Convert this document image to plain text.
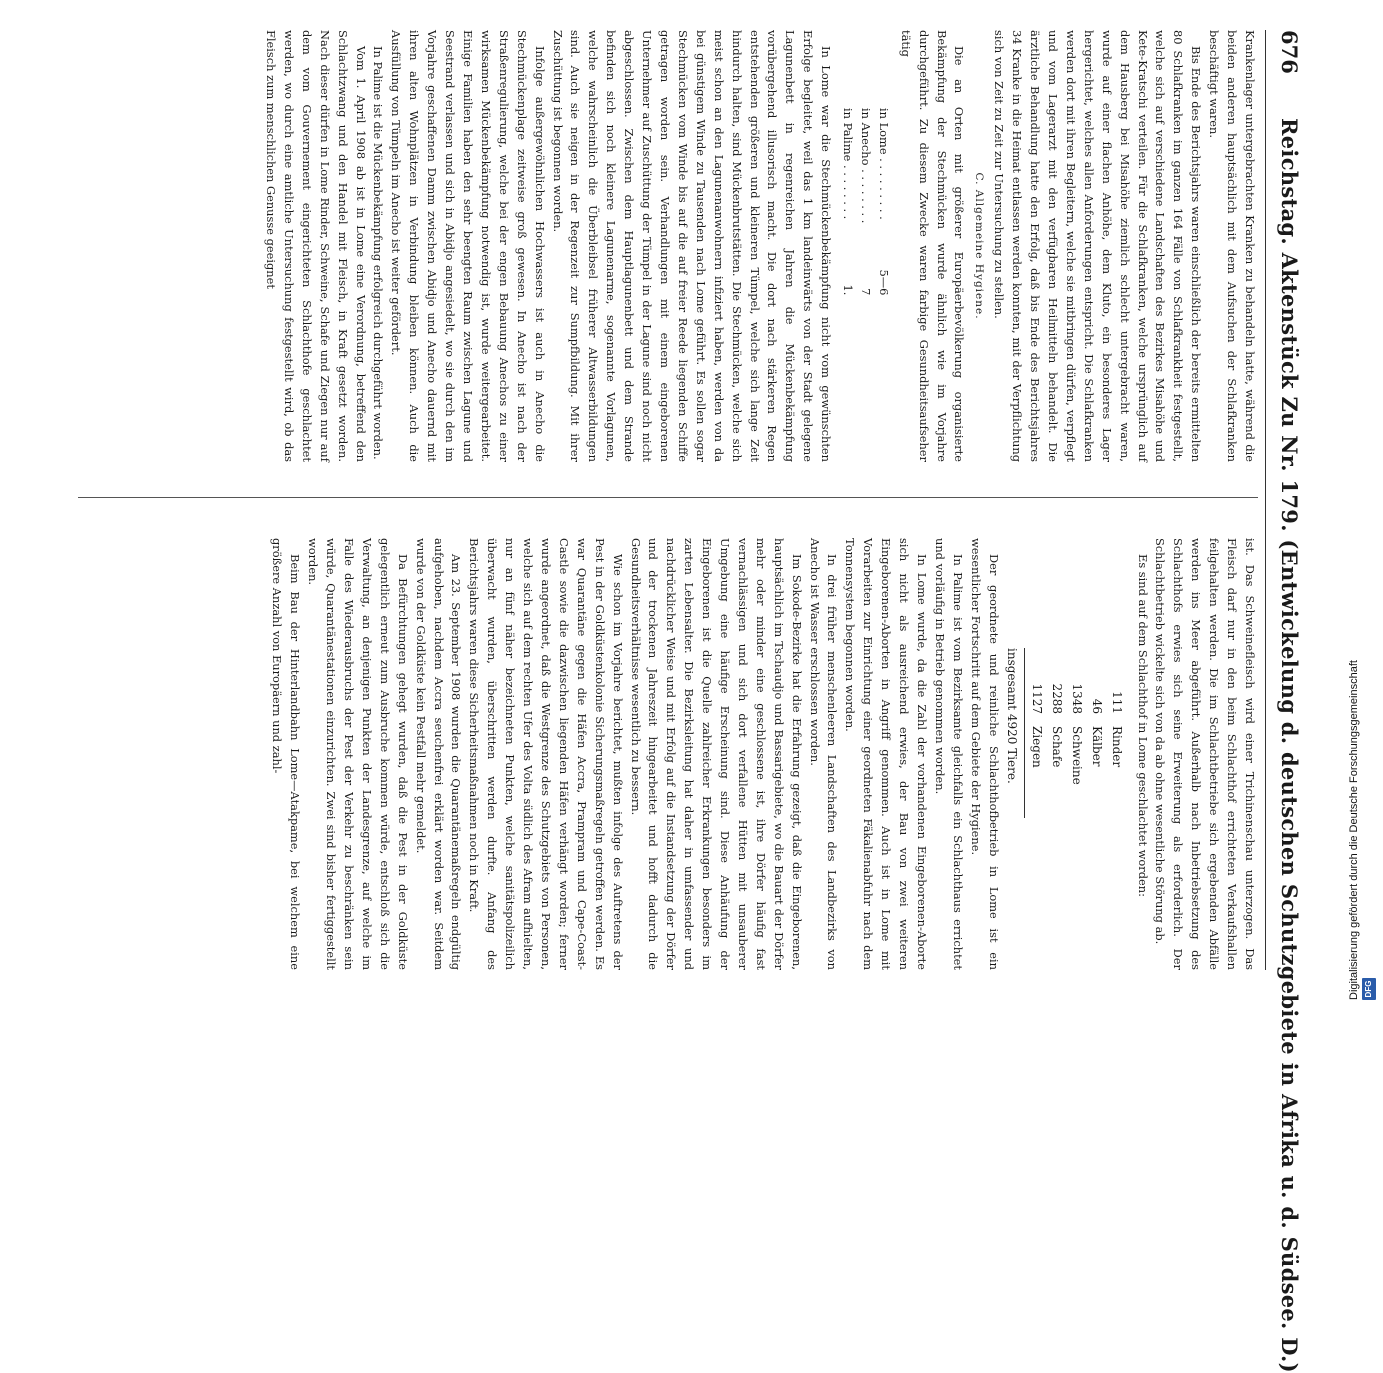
676
Reichstag. Aktenstück Zu Nr. 179. (Entwickelung d. deutschen Schutzgebiete in Afrika u. d. Südsee. D.)

Krankenlager untergebrachten Kranken zu behandeln hatte, während die beiden anderen hauptsächlich mit dem Aufsuchen der Schlafkranken beschäftigt waren.

Bis Ende des Berichtsjahrs waren einschließlich der bereits ermittelten 80 Schlafkranken im ganzen 164 Fälle von Schlafkrankheit festgestellt, welche sich auf verschiedene Landschaften des Bezirkes Misahöhe und Kete-Kratschi verteilen. Für die Schlafkranken, welche ursprünglich auf dem Hausberg bei Misahöhe ziemlich schlecht untergebracht waren, wurde auf einer flachen Anhöhe, dem Kluto, ein besonderes Lager hergerichtet, welches allen Anforderungen entspricht. Die Schlafkranken werden dort mit ihren Begleitern, welche sie mitbringen dürfen, verpflegt und vom Lagerarzt mit den verfügbaren Heilmitteln behandelt. Die ärztliche Behandlung hatte den Erfolg, daß bis Ende des Berichtsjahres 34 Kranke in die Heimat entlassen werden konnten, mit der Verpflichtung sich von Zeit zu Zeit zur Untersuchung zu stellen.

C. Allgemeine Hygiene.

Die an Orten mit größerer Europäerbevölkerung organisierte Bekämpfung der Stechmücken wurde ähnlich wie im Vorjahre durchgeführt. Zu diesem Zwecke waren farbige Gesundheitsaufseher tätig

in Lome . . . . . . . . .	5—6
in Anecho . . . . . . . .	7
in Palime . . . . . . . .	1.

In Lome war die Stechmückenbekämpfung nicht vom gewünschten Erfolge begleitet, weil das 1 km landeinwärts von der Stadt gelegene Lagunenbett in regenreichen Jahren die Mückenbekämpfung vorübergehend illusorisch macht. Die dort nach stärkeren Regen entstehenden größeren und kleineren Tümpel, welche sich lange Zeit hindurch halten, sind Mückenbrutstätten. Die Stechmücken, welche sich meist schon an den Lagunenanwohnern infiziert haben, werden von da bei günstigem Winde zu Tausenden nach Lome geführt. Es sollen sogar Stechmücken vom Winde bis auf die auf freier Reede liegenden Schiffe getragen worden sein. Verhandlungen mit einem eingeborenen Unternehmer auf Zuschüttung der Tümpel in der Lagune sind noch nicht abgeschlossen. Zwischen dem Hauptlagunenbett und dem Strande befinden sich noch kleinere Lagunenarme, sogenannte Vorlagunen, welche wahrscheinlich die Überbleibsel früherer Altwasserbildungen sind. Auch sie neigen in der Regenzeit zur Sumpfbildung. Mit ihrer Zuschüttung ist begonnen worden.

Infolge außergewöhnlichen Hochwassers ist auch in Anecho die Stechmückenplage zeitweise groß gewesen. In Anecho ist nach der Straßenregulierung, welche bei der engen Bebauung Anechos zu einer wirksamen Mückenbekämpfung notwendig ist, wurde weitergearbeitet. Einige Familien haben den sehr beengten Raum zwischen Lagune und Seestrand verlassen und sich in Abidjo angesiedelt, wo sie durch den im Vorjahre geschaffenen Damm zwischen Abidjo und Anecho dauernd mit ihren alten Wohnplätzen in Verbindung bleiben können. Auch die Ausfüllung von Tümpeln im Anecho ist weiter gefördert.

In Palime ist die Mückenbekämpfung erfolgreich durchgeführt worden.

Vom 1. April 1908 ab ist in Lome eine Verordnung, betreffend den Schlachtzwang und den Handel mit Fleisch, in Kraft gesetzt worden. Nach dieser dürfen in Lome Rinder, Schweine, Schafe und Ziegen nur auf dem vom Gouvernement eingerichteten Schlachthofe geschlachtet werden, wo durch eine amtliche Untersuchung festgestellt wird, ob das Fleisch zum menschlichen Genusse geeignet

ist. Das Schweinefleisch wird einer Trichinenschau unterzogen. Das Fleisch darf nur in den beim Schlachthof errichteten Verkaufshallen feilgehalten werden. Die im Schlachtbetriebe sich ergebenden Abfälle werden ins Meer abgeführt. Außerhalb nach Inbetriebsetzung des Schlachthofs erwies sich seine Erweiterung als erforderlich. Der Schlachtbetrieb wickelte sich von da ab ohne wesentliche Störung ab.

Es sind auf dem Schlachthof in Lome geschlachtet worden:

111	Rinder
46	Kälber
1348	Schweine
2288	Schafe
1127	Ziegen
insgesamt 4920 Tiere.

Der geordnete und reinliche Schlachthofbetrieb in Lome ist ein wesentlicher Fortschritt auf dem Gebiete der Hygiene.

In Palime ist vom Bezirksamte gleichfalls ein Schlachthaus errichtet und vorläufig in Betrieb genommen worden.

In Lome wurde, da die Zahl der vorhandenen Eingeborenen-Aborte sich nicht als ausreichend erwies, der Bau von zwei weiteren Eingeborenen-Aborten in Angriff genommen. Auch ist in Lome mit Vorarbeiten zur Einrichtung einer geordneten Fäkalienabfuhr nach dem Tonnensystem begonnen worden.

In drei früher menschenleeren Landschaften des Landbezirks von Anecho ist Wasser erschlossen worden.

Im Sokode-Bezirke hat die Erfahrung gezeigt, daß die Eingeborenen, hauptsächlich im Tschaudjo und Bassarigebiete, wo die Bauart der Dörfer mehr oder minder eine geschlossene ist, ihre Dörfer häufig fast vernachlässigen und sich dort verfallene Hütten mit unsauberer Umgebung eine häufige Erscheinung sind. Diese Anhäufung der Eingeborenen ist die Quelle zahlreicher Erkrankungen besonders im zarten Lebensalter. Die Bezirksleitung hat daher in umfassender und nachdrücklicher Weise und mit Erfolg auf die Instandsetzung der Dörfer und der trockenen Jahreszeit hingearbeitet und hofft dadurch die Gesundheitsverhältnisse wesentlich zu bessern.

Wie schon im Vorjahre berichtet, mußten infolge des Auftretens der Pest in der Goldküstenkolonie Sicherungsmaßregeln getroffen werden. Es war Quarantäne gegen die Häfen Accra, Prampram und Cape-Coast-Castle sowie die dazwischen liegenden Häfen verhängt worden; ferner wurde angeordnet, daß die Westgrenze des Schutzgebiets von Personen, welche sich auf dem rechten Ufer des Volta südlich des Afram aufhielten, nur an fünf näher bezeichneten Punkten, welche sanitätspolizeilich überwacht wurden, überschritten werden durfte. Anfang des Berichtsjahrs waren diese Sicherheitsmaßnahmen noch in Kraft.

Am 23. September 1908 wurden die Quarantänemaßregeln endgültig aufgehoben, nachdem Accra seuchenfrei erklärt worden war. Seitdem wurde von der Goldküste kein Pestfall mehr gemeldet.

Da Befürchtungen gehegt wurden, daß die Pest in der Goldküste gelegentlich erneut zum Ausbruche kommen würde, entschloß sich die Verwaltung, an denjenigen Punkten der Landesgrenze, auf welche im Falle des Wiederausbruchs der Pest der Verkehr zu beschränken sein würde, Quarantänestationen einzurichten. Zwei sind bisher fertiggestellt worden.

Beim Bau der Hinterlandbahn Lome—Atakpame, bei welchem eine größere Anzahl von Europäern und zahl-

Digitalisierung gefördert durch die Deutsche Forschungsgemeinschaft DFG
